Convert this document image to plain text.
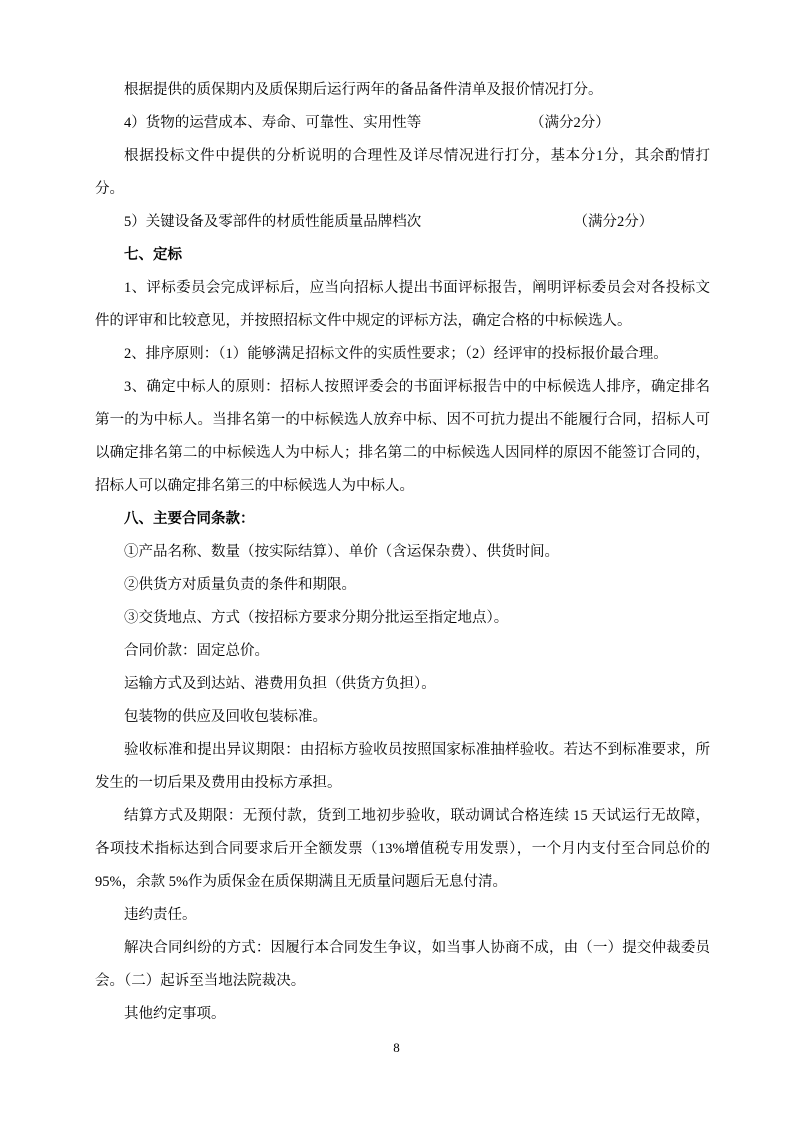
根据提供的质保期内及质保期后运行两年的备品备件清单及报价情况打分。

4）货物的运营成本、寿命、可靠性、实用性等　　　　　　　　（满分2分）

根据投标文件中提供的分析说明的合理性及详尽情况进行打分，基本分1分，其余酌情打分。

5）关键设备及零部件的材质性能质量品牌档次　　　　　　　　　　　（满分2分）

七、定标

1、评标委员会完成评标后，应当向招标人提出书面评标报告，阐明评标委员会对各投标文件的评审和比较意见，并按照招标文件中规定的评标方法，确定合格的中标候选人。

2、排序原则：（1）能够满足招标文件的实质性要求；（2）经评审的投标报价最合理。

3、确定中标人的原则：招标人按照评委会的书面评标报告中的中标候选人排序，确定排名第一的为中标人。当排名第一的中标候选人放弃中标、因不可抗力提出不能履行合同，招标人可以确定排名第二的中标候选人为中标人；排名第二的中标候选人因同样的原因不能签订合同的，招标人可以确定排名第三的中标候选人为中标人。

八、主要合同条款：

①产品名称、数量（按实际结算）、单价（含运保杂费）、供货时间。

②供货方对质量负责的条件和期限。

③交货地点、方式（按招标方要求分期分批运至指定地点）。

合同价款：固定总价。

运输方式及到达站、港费用负担（供货方负担）。

包装物的供应及回收包装标准。

验收标准和提出异议期限：由招标方验收员按照国家标准抽样验收。若达不到标准要求，所发生的一切后果及费用由投标方承担。

结算方式及期限：无预付款，货到工地初步验收，联动调试合格连续 15 天试运行无故障，各项技术指标达到合同要求后开全额发票（13%增值税专用发票），一个月内支付至合同总价的 95%，余款 5%作为质保金在质保期满且无质量问题后无息付清。

违约责任。

解决合同纠纷的方式：因履行本合同发生争议，如当事人协商不成，由（一）提交仲裁委员会。（二）起诉至当地法院裁决。

其他约定事项。

8
